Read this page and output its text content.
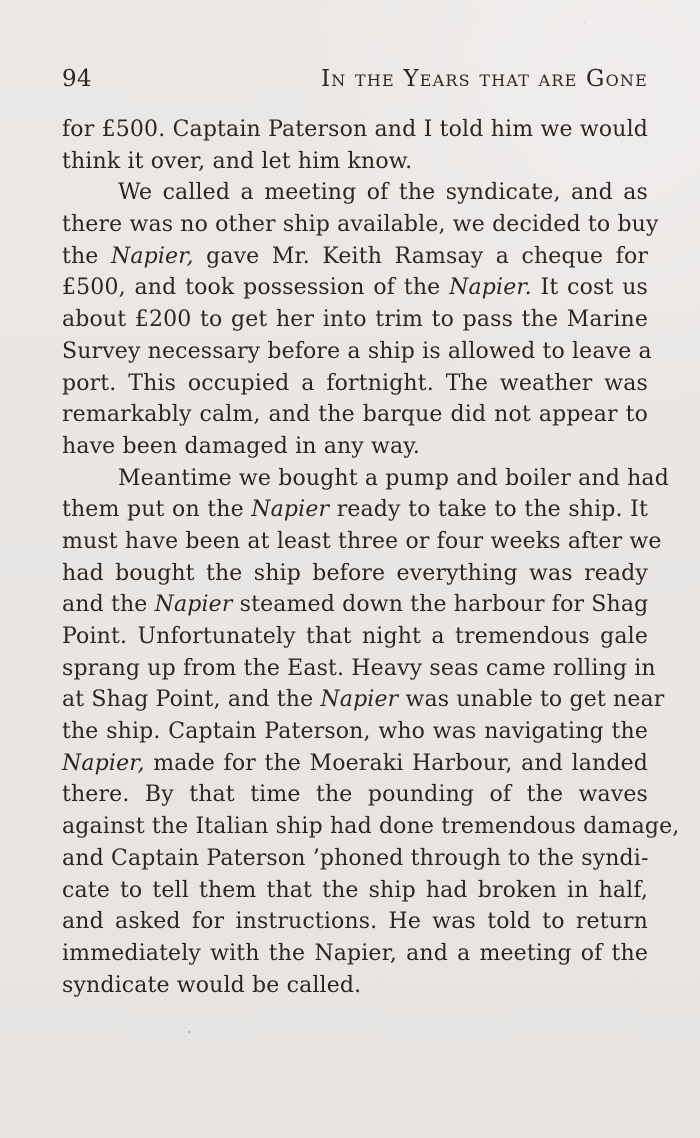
94	In the Years that are Gone
for £500. Captain Paterson and I told him we would
think it over, and let him know.
We called a meeting of the syndicate, and as
there was no other ship available, we decided to buy
the Napier, gave Mr. Keith Ramsay a cheque for
£500, and took possession of the Napier. It cost us
about £200 to get her into trim to pass the Marine
Survey necessary before a ship is allowed to leave a
port. This occupied a fortnight. The weather was
remarkably calm, and the barque did not appear to
have been damaged in any way.
Meantime we bought a pump and boiler and had
them put on the Napier ready to take to the ship. It
must have been at least three or four weeks after we
had bought the ship before everything was ready
and the Napier steamed down the harbour for Shag
Point. Unfortunately that night a tremendous gale
sprang up from the East. Heavy seas came rolling in
at Shag Point, and the Napier was unable to get near
the ship. Captain Paterson, who was navigating the
Napier, made for the Moeraki Harbour, and landed
there. By that time the pounding of the waves
against the Italian ship had done tremendous damage,
and Captain Paterson ’phoned through to the syndi-
cate to tell them that the ship had broken in half,
and asked for instructions. He was told to return
immediately with the Napier, and a meeting of the
syndicate would be called.
